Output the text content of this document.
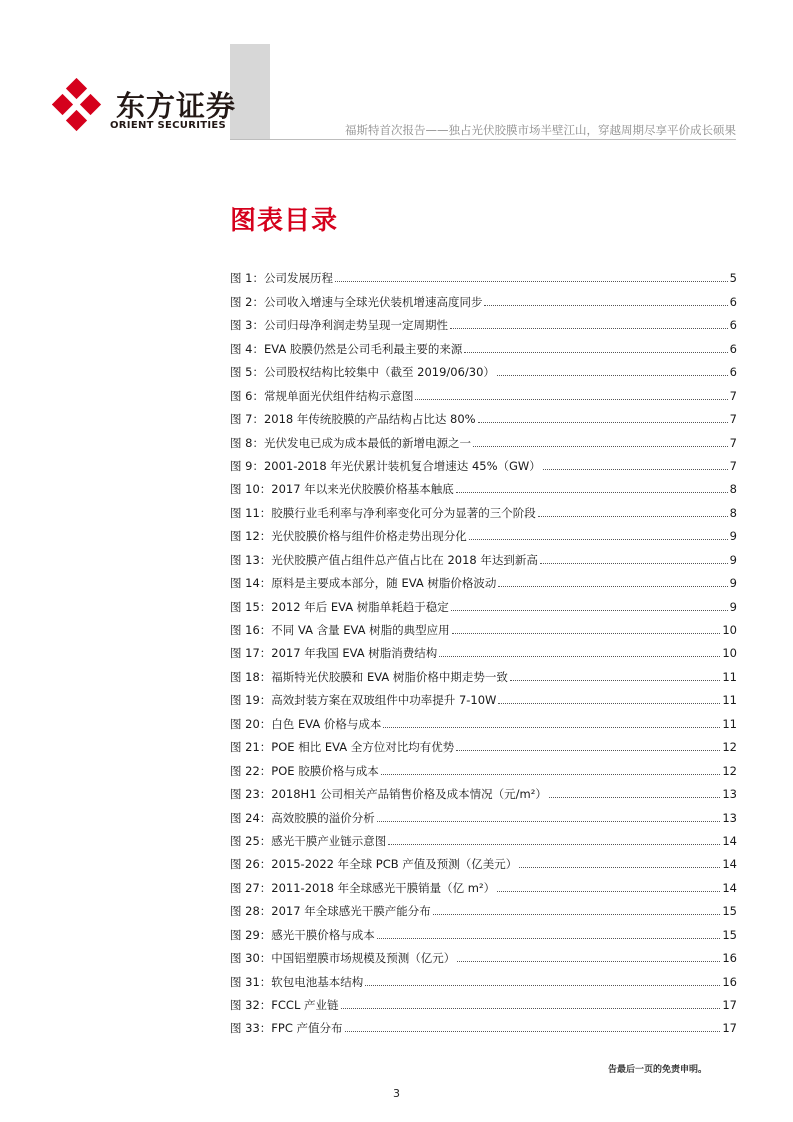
东方证券
ORIENT SECURITIES	福斯特首次报告——独占光伏胶膜市场半壁江山，穿越周期尽享平价成长硕果
图表目录
图 1：公司发展历程	5
图 2：公司收入增速与全球光伏装机增速高度同步	6
图 3：公司归母净利润走势呈现一定周期性	6
图 4：EVA 胶膜仍然是公司毛利最主要的来源	6
图 5：公司股权结构比较集中（截至 2019/06/30）	6
图 6：常规单面光伏组件结构示意图	7
图 7：2018 年传统胶膜的产品结构占比达 80%	7
图 8：光伏发电已成为成本最低的新增电源之一	7
图 9：2001-2018 年光伏累计装机复合增速达 45%（GW）	7
图 10：2017 年以来光伏胶膜价格基本触底	8
图 11：胶膜行业毛利率与净利率变化可分为显著的三个阶段	8
图 12：光伏胶膜价格与组件价格走势出现分化	9
图 13：光伏胶膜产值占组件总产值占比在 2018 年达到新高	9
图 14：原料是主要成本部分，随 EVA 树脂价格波动	9
图 15：2012 年后 EVA 树脂单耗趋于稳定	9
图 16：不同 VA 含量 EVA 树脂的典型应用	10
图 17：2017 年我国 EVA 树脂消费结构	10
图 18：福斯特光伏胶膜和 EVA 树脂价格中期走势一致	11
图 19：高效封装方案在双玻组件中功率提升 7-10W	11
图 20：白色 EVA 价格与成本	11
图 21：POE 相比 EVA 全方位对比均有优势	12
图 22：POE 胶膜价格与成本	12
图 23：2018H1 公司相关产品销售价格及成本情况（元/m²）	13
图 24：高效胶膜的溢价分析	13
图 25：感光干膜产业链示意图	14
图 26：2015-2022 年全球 PCB 产值及预测（亿美元）	14
图 27：2011-2018 年全球感光干膜销量（亿 m²）	14
图 28：2017 年全球感光干膜产能分布	15
图 29：感光干膜价格与成本	15
图 30：中国铝塑膜市场规模及预测（亿元）	16
图 31：软包电池基本结构	16
图 32：FCCL 产业链	17
图 33：FPC 产值分布	17
告最后一页的免责申明。
3
